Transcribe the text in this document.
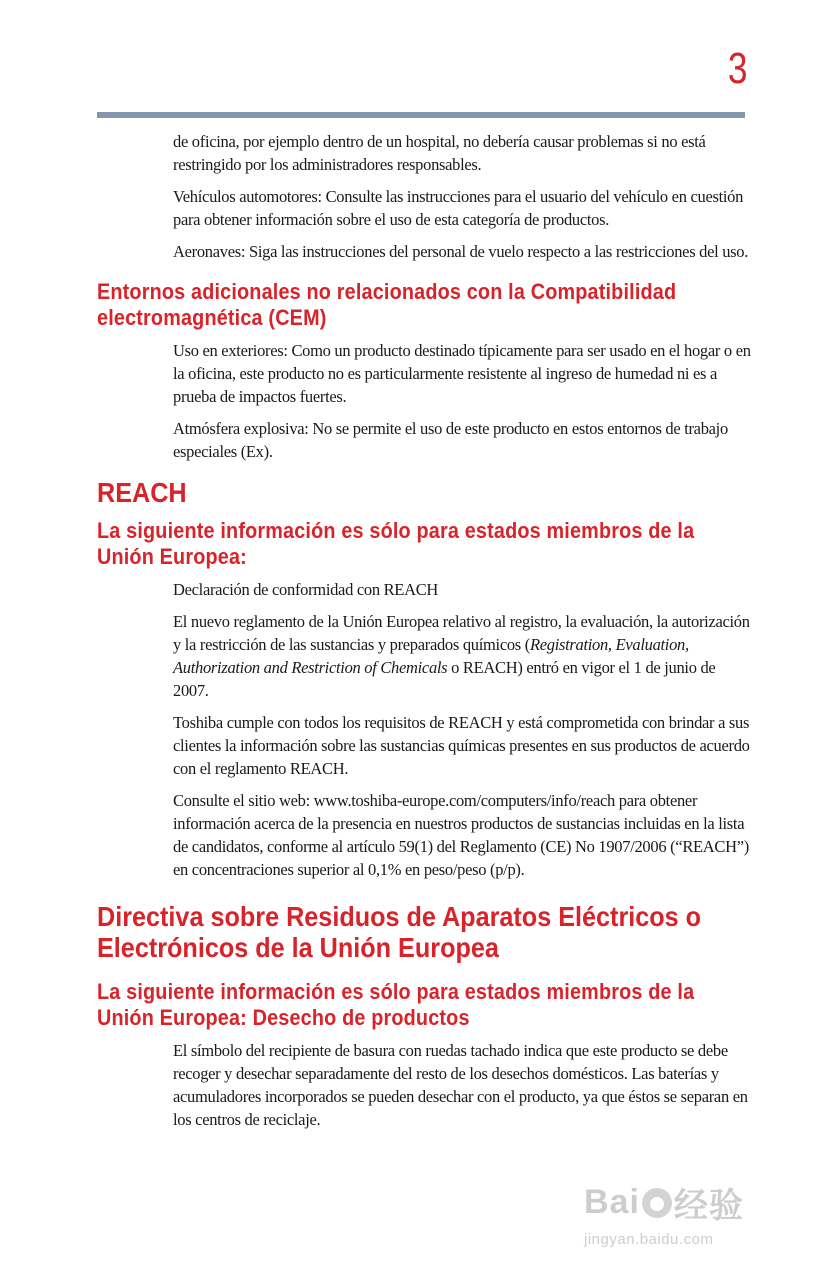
3

de oficina, por ejemplo dentro de un hospital, no debería causar problemas si no está restringido por los administradores responsables.

Vehículos automotores: Consulte las instrucciones para el usuario del vehículo en cuestión para obtener información sobre el uso de esta categoría de productos.

Aeronaves: Siga las instrucciones del personal de vuelo respecto a las restricciones del uso.

Entornos adicionales no relacionados con la Compatibilidad
electromagnética (CEM)

Uso en exteriores: Como un producto destinado típicamente para ser usado en el hogar o en la oficina, este producto no es particularmente resistente al ingreso de humedad ni es a prueba de impactos fuertes.

Atmósfera explosiva: No se permite el uso de este producto en estos entornos de trabajo especiales (Ex).

REACH
La siguiente información es sólo para estados miembros de la
Unión Europea:

Declaración de conformidad con REACH

El nuevo reglamento de la Unión Europea relativo al registro, la evaluación, la autorización y la restricción de las sustancias y preparados químicos (Registration, Evaluation, Authorization and Restriction of Chemicals o REACH) entró en vigor el 1 de junio de 2007.

Toshiba cumple con todos los requisitos de REACH y está comprometida con brindar a sus clientes la información sobre las sustancias químicas presentes en sus productos de acuerdo con el reglamento REACH.

Consulte el sitio web: www.toshiba-europe.com/computers/info/reach para obtener información acerca de la presencia en nuestros productos de sustancias incluidas en la lista de candidatos, conforme al artículo 59(1) del Reglamento (CE) No 1907/2006 (“REACH”) en concentraciones superior al 0,1% en peso/peso (p/p).

Directiva sobre Residuos de Aparatos Eléctricos o
Electrónicos de la Unión Europea
La siguiente información es sólo para estados miembros de la
Unión Europea: Desecho de productos

El símbolo del recipiente de basura con ruedas tachado indica que este producto se debe recoger y desechar separadamente del resto de los desechos domésticos. Las baterías y acumuladores incorporados se pueden desechar con el producto, ya que éstos se separan en los centros de reciclaje.

Bai 经验
jingyan.baidu.com
